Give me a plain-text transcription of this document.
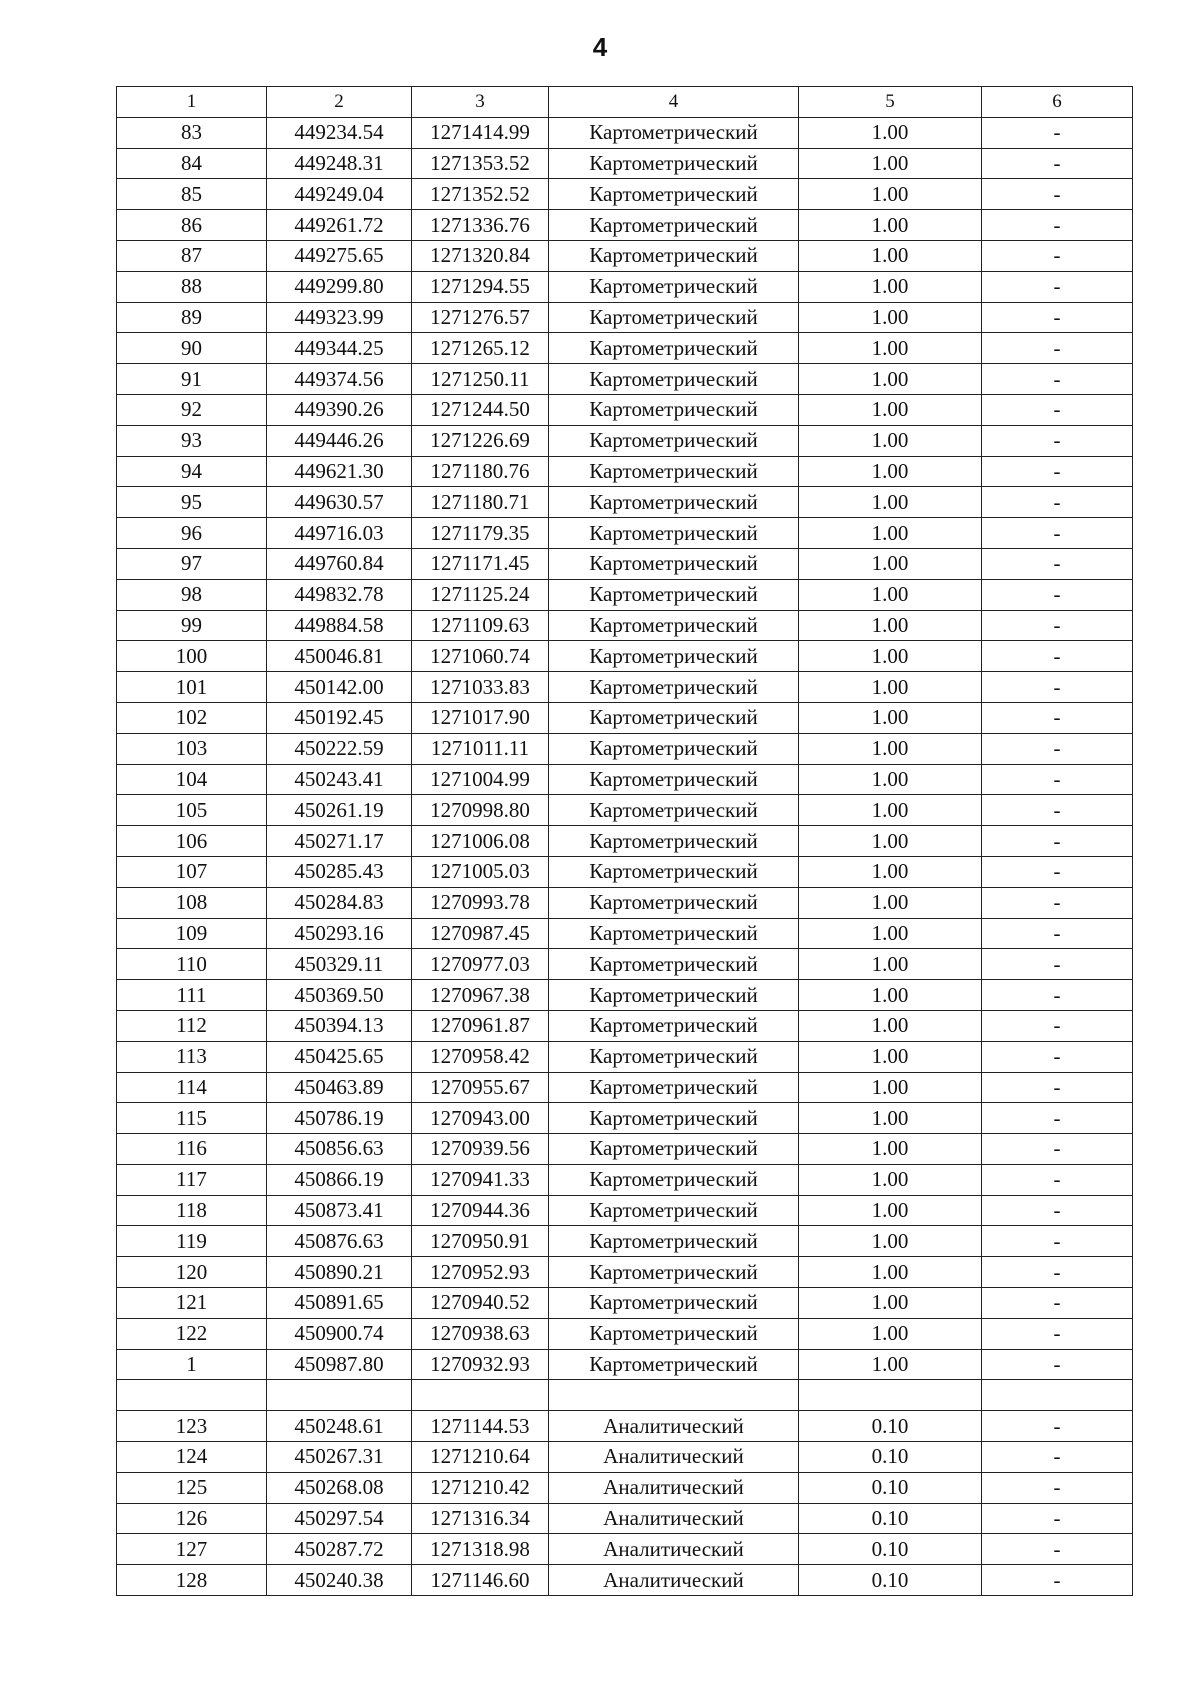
4
1	2	3	4	5	6
83	449234.54	1271414.99	Картометрический	1.00	-
84	449248.31	1271353.52	Картометрический	1.00	-
85	449249.04	1271352.52	Картометрический	1.00	-
86	449261.72	1271336.76	Картометрический	1.00	-
87	449275.65	1271320.84	Картометрический	1.00	-
88	449299.80	1271294.55	Картометрический	1.00	-
89	449323.99	1271276.57	Картометрический	1.00	-
90	449344.25	1271265.12	Картометрический	1.00	-
91	449374.56	1271250.11	Картометрический	1.00	-
92	449390.26	1271244.50	Картометрический	1.00	-
93	449446.26	1271226.69	Картометрический	1.00	-
94	449621.30	1271180.76	Картометрический	1.00	-
95	449630.57	1271180.71	Картометрический	1.00	-
96	449716.03	1271179.35	Картометрический	1.00	-
97	449760.84	1271171.45	Картометрический	1.00	-
98	449832.78	1271125.24	Картометрический	1.00	-
99	449884.58	1271109.63	Картометрический	1.00	-
100	450046.81	1271060.74	Картометрический	1.00	-
101	450142.00	1271033.83	Картометрический	1.00	-
102	450192.45	1271017.90	Картометрический	1.00	-
103	450222.59	1271011.11	Картометрический	1.00	-
104	450243.41	1271004.99	Картометрический	1.00	-
105	450261.19	1270998.80	Картометрический	1.00	-
106	450271.17	1271006.08	Картометрический	1.00	-
107	450285.43	1271005.03	Картометрический	1.00	-
108	450284.83	1270993.78	Картометрический	1.00	-
109	450293.16	1270987.45	Картометрический	1.00	-
110	450329.11	1270977.03	Картометрический	1.00	-
111	450369.50	1270967.38	Картометрический	1.00	-
112	450394.13	1270961.87	Картометрический	1.00	-
113	450425.65	1270958.42	Картометрический	1.00	-
114	450463.89	1270955.67	Картометрический	1.00	-
115	450786.19	1270943.00	Картометрический	1.00	-
116	450856.63	1270939.56	Картометрический	1.00	-
117	450866.19	1270941.33	Картометрический	1.00	-
118	450873.41	1270944.36	Картометрический	1.00	-
119	450876.63	1270950.91	Картометрический	1.00	-
120	450890.21	1270952.93	Картометрический	1.00	-
121	450891.65	1270940.52	Картометрический	1.00	-
122	450900.74	1270938.63	Картометрический	1.00	-
1	450987.80	1270932.93	Картометрический	1.00	-

123	450248.61	1271144.53	Аналитический	0.10	-
124	450267.31	1271210.64	Аналитический	0.10	-
125	450268.08	1271210.42	Аналитический	0.10	-
126	450297.54	1271316.34	Аналитический	0.10	-
127	450287.72	1271318.98	Аналитический	0.10	-
128	450240.38	1271146.60	Аналитический	0.10	-
